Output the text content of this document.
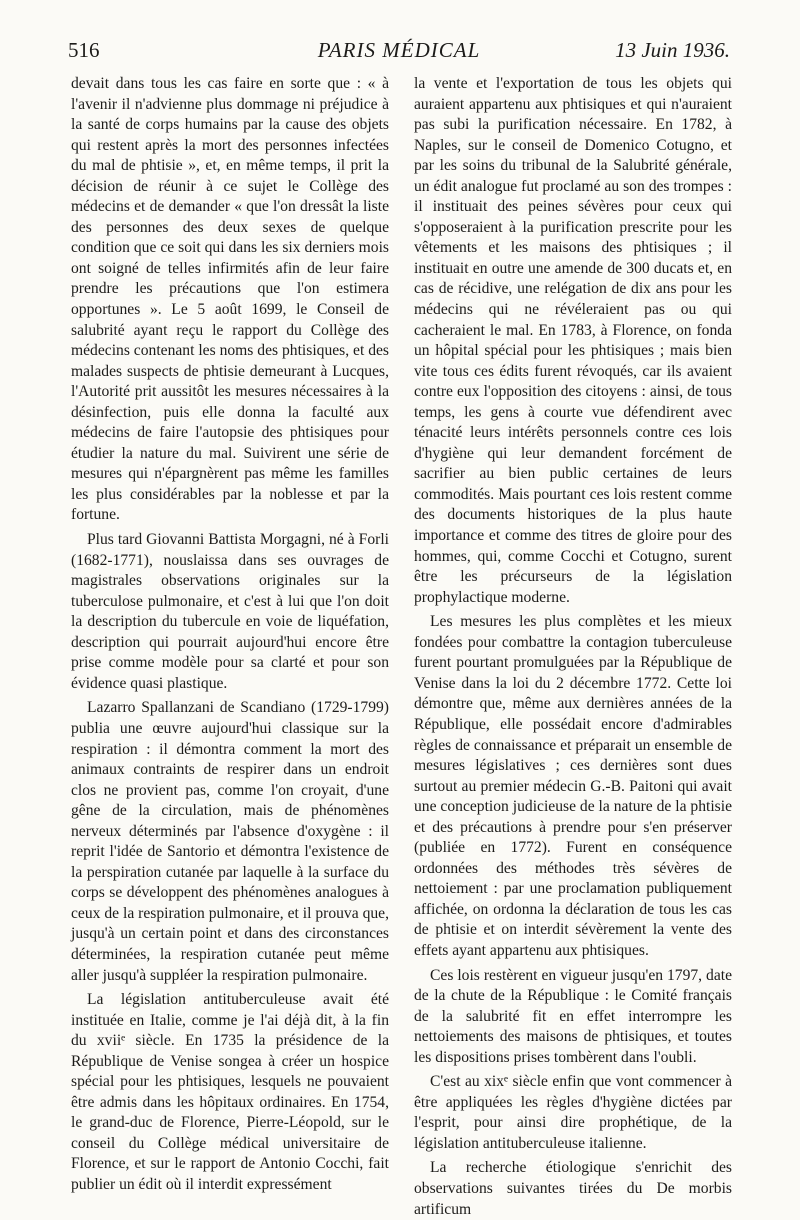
516	PARIS MÉDICAL	13 Juin 1936.

devait dans tous les cas faire en sorte que : « à l'avenir il n'advienne plus dommage ni préjudice à la santé de corps humains par la cause des objets qui restent après la mort des personnes infectées du mal de phtisie », et, en même temps, il prit la décision de réunir à ce sujet le Collège des médecins et de demander « que l'on dressât la liste des personnes des deux sexes de quelque condition que ce soit qui dans les six derniers mois ont soigné de telles infirmités afin de leur faire prendre les précautions que l'on estimera opportunes ». Le 5 août 1699, le Conseil de salubrité ayant reçu le rapport du Collège des médecins contenant les noms des phtisiques, et des malades suspects de phtisie demeurant à Lucques, l'Autorité prit aussitôt les mesures nécessaires à la désinfection, puis elle donna la faculté aux médecins de faire l'autopsie des phtisiques pour étudier la nature du mal. Suivirent une série de mesures qui n'épargnèrent pas même les familles les plus considérables par la noblesse et par la fortune.

Plus tard Giovanni Battista Morgagni, né à Forli (1682-1771), nouslaissa dans ses ouvrages de magistrales observations originales sur la tuberculose pulmonaire, et c'est à lui que l'on doit la description du tubercule en voie de liquéfation, description qui pourrait aujourd'hui encore être prise comme modèle pour sa clarté et pour son évidence quasi plastique.

Lazarro Spallanzani de Scandiano (1729-1799) publia une œuvre aujourd'hui classique sur la respiration : il démontra comment la mort des animaux contraints de respirer dans un endroit clos ne provient pas, comme l'on croyait, d'une gêne de la circulation, mais de phénomènes nerveux déterminés par l'absence d'oxygène : il reprit l'idée de Santorio et démontra l'existence de la perspiration cutanée par laquelle à la surface du corps se développent des phénomènes analogues à ceux de la respiration pulmonaire, et il prouva que, jusqu'à un certain point et dans des circonstances déterminées, la respiration cutanée peut même aller jusqu'à suppléer la respiration pulmonaire.

La législation antituberculeuse avait été instituée en Italie, comme je l'ai déjà dit, à la fin du xviiᵉ siècle. En 1735 la présidence de la République de Venise songea à créer un hospice spécial pour les phtisiques, lesquels ne pouvaient être admis dans les hôpitaux ordinaires. En 1754, le grand-duc de Florence, Pierre-Léopold, sur le conseil du Collège médical universitaire de Florence, et sur le rapport de Antonio Cocchi, fait publier un édit où il interdit expressément

la vente et l'exportation de tous les objets qui auraient appartenu aux phtisiques et qui n'auraient pas subi la purification nécessaire. En 1782, à Naples, sur le conseil de Domenico Cotugno, et par les soins du tribunal de la Salubrité générale, un édit analogue fut proclamé au son des trompes : il instituait des peines sévères pour ceux qui s'opposeraient à la purification prescrite pour les vêtements et les maisons des phtisiques ; il instituait en outre une amende de 300 ducats et, en cas de récidive, une relégation de dix ans pour les médecins qui ne révéleraient pas ou qui cacheraient le mal. En 1783, à Florence, on fonda un hôpital spécial pour les phtisiques ; mais bien vite tous ces édits furent révoqués, car ils avaient contre eux l'opposition des citoyens : ainsi, de tous temps, les gens à courte vue défendirent avec ténacité leurs intérêts personnels contre ces lois d'hygiène qui leur demandent forcément de sacrifier au bien public certaines de leurs commodités. Mais pourtant ces lois restent comme des documents historiques de la plus haute importance et comme des titres de gloire pour des hommes, qui, comme Cocchi et Cotugno, surent être les précurseurs de la législation prophylactique moderne.

Les mesures les plus complètes et les mieux fondées pour combattre la contagion tuberculeuse furent pourtant promulguées par la République de Venise dans la loi du 2 décembre 1772. Cette loi démontre que, même aux dernières années de la République, elle possédait encore d'admirables règles de connaissance et préparait un ensemble de mesures législatives ; ces dernières sont dues surtout au premier médecin G.-B. Paitoni qui avait une conception judicieuse de la nature de la phtisie et des précautions à prendre pour s'en préserver (publiée en 1772). Furent en conséquence ordonnées des méthodes très sévères de nettoiement : par une proclamation publiquement affichée, on ordonna la déclaration de tous les cas de phtisie et on interdit sévèrement la vente des effets ayant appartenu aux phtisiques.

Ces lois restèrent en vigueur jusqu'en 1797, date de la chute de la République : le Comité français de la salubrité fit en effet interrompre les nettoiements des maisons de phtisiques, et toutes les dispositions prises tombèrent dans l'oubli.

C'est au xixᵉ siècle enfin que vont commencer à être appliquées les règles d'hygiène dictées par l'esprit, pour ainsi dire prophétique, de la législation antituberculeuse italienne.

La recherche étiologique s'enrichit des observations suivantes tirées du De morbis artificum
